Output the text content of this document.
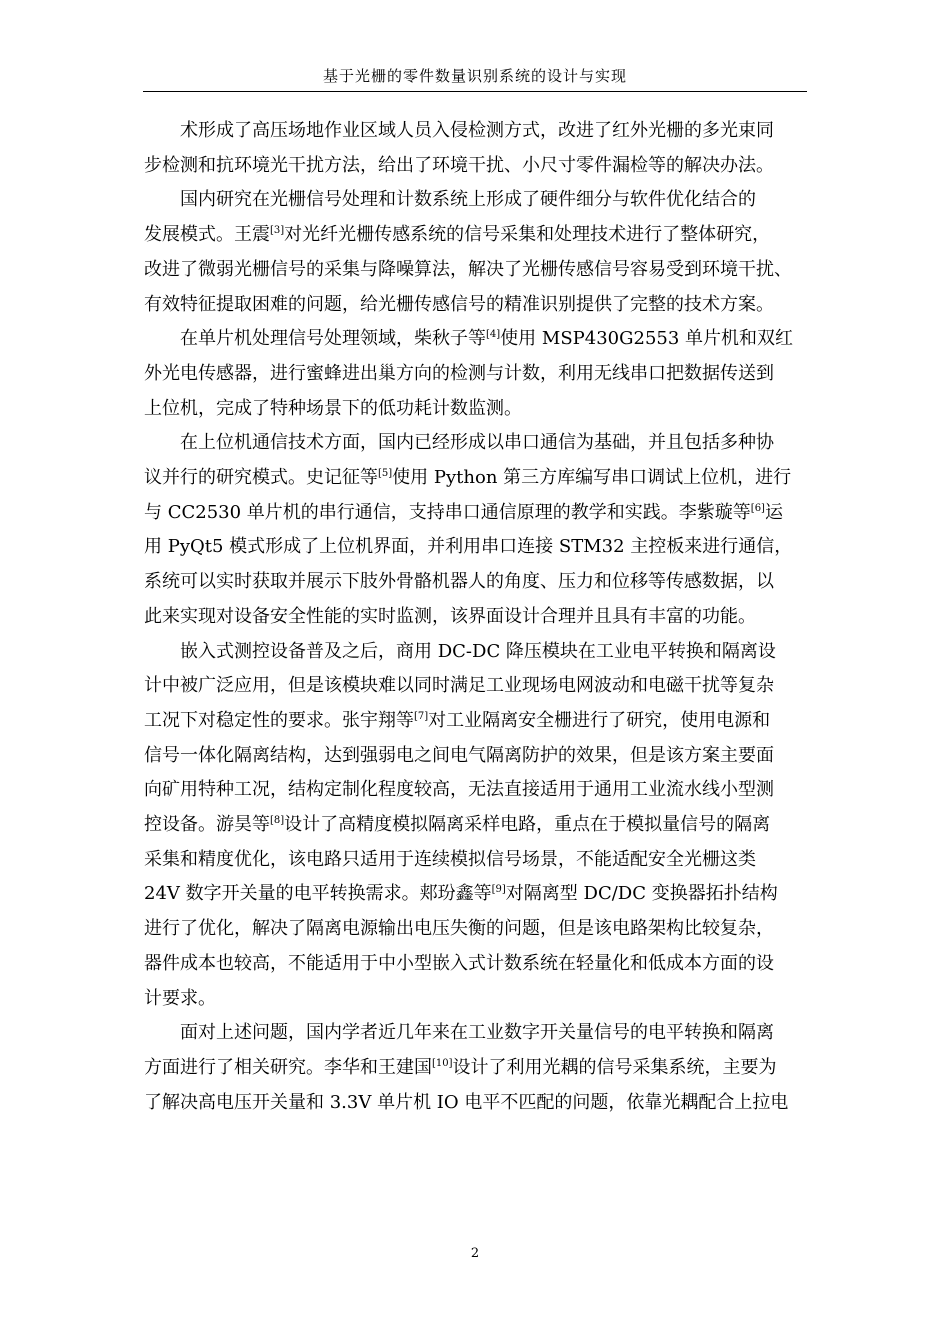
基于光栅的零件数量识别系统的设计与实现
术形成了高压场地作业区域人员入侵检测方式，改进了红外光栅的多光束同
步检测和抗环境光干扰方法，给出了环境干扰、小尺寸零件漏检等的解决办法。
国内研究在光栅信号处理和计数系统上形成了硬件细分与软件优化结合的
发展模式。王震[3]对光纤光栅传感系统的信号采集和处理技术进行了整体研究，
改进了微弱光栅信号的采集与降噪算法，解决了光栅传感信号容易受到环境干扰、
有效特征提取困难的问题，给光栅传感信号的精准识别提供了完整的技术方案。
在单片机处理信号处理领域，柴秋子等[4]使用 MSP430G2553 单片机和双红
外光电传感器，进行蜜蜂进出巢方向的检测与计数，利用无线串口把数据传送到
上位机，完成了特种场景下的低功耗计数监测。
在上位机通信技术方面，国内已经形成以串口通信为基础，并且包括多种协
议并行的研究模式。史记征等[5]使用 Python 第三方库编写串口调试上位机，进行
与 CC2530 单片机的串行通信，支持串口通信原理的教学和实践。李紫璇等[6]运
用 PyQt5 模式形成了上位机界面，并利用串口连接 STM32 主控板来进行通信，
系统可以实时获取并展示下肢外骨骼机器人的角度、压力和位移等传感数据，以
此来实现对设备安全性能的实时监测，该界面设计合理并且具有丰富的功能。
嵌入式测控设备普及之后，商用 DC-DC 降压模块在工业电平转换和隔离设
计中被广泛应用，但是该模块难以同时满足工业现场电网波动和电磁干扰等复杂
工况下对稳定性的要求。张宇翔等[7]对工业隔离安全栅进行了研究，使用电源和
信号一体化隔离结构，达到强弱电之间电气隔离防护的效果，但是该方案主要面
向矿用特种工况，结构定制化程度较高，无法直接适用于通用工业流水线小型测
控设备。游昊等[8]设计了高精度模拟隔离采样电路，重点在于模拟量信号的隔离
采集和精度优化，该电路只适用于连续模拟信号场景，不能适配安全光栅这类
24V 数字开关量的电平转换需求。郏玢鑫等[9]对隔离型 DC/DC 变换器拓扑结构
进行了优化，解决了隔离电源输出电压失衡的问题，但是该电路架构比较复杂，
器件成本也较高，不能适用于中小型嵌入式计数系统在轻量化和低成本方面的设
计要求。
面对上述问题，国内学者近几年来在工业数字开关量信号的电平转换和隔离
方面进行了相关研究。李华和王建国[10]设计了利用光耦的信号采集系统，主要为
了解决高电压开关量和 3.3V 单片机 IO 电平不匹配的问题，依靠光耦配合上拉电
2
